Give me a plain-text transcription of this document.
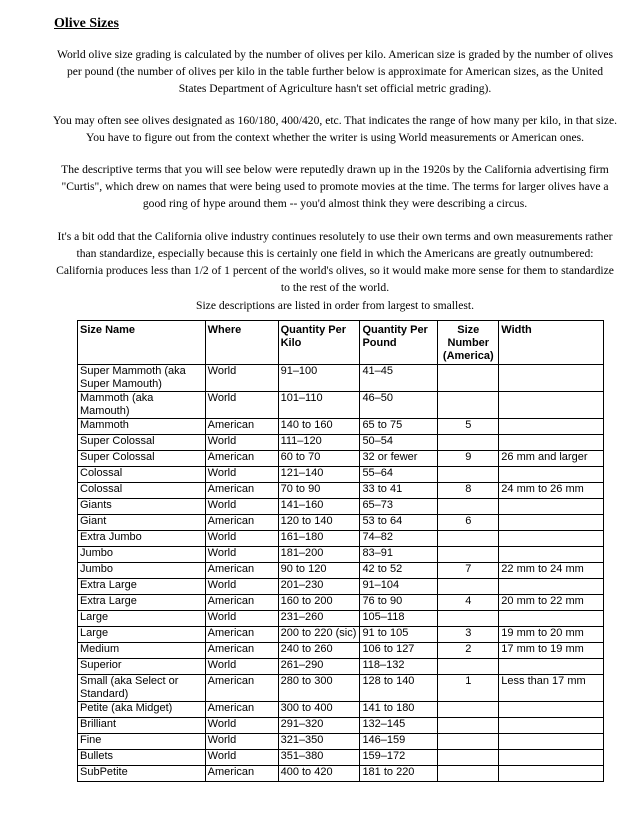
Olive Sizes

World olive size grading is calculated by the number of olives per kilo. American size is graded by the number of olives per pound (the number of olives per kilo in the table further below is approximate for American sizes, as the United States Department of Agriculture hasn't set official metric grading).

You may often see olives designated as 160/180, 400/420, etc. That indicates the range of how many per kilo, in that size. You have to figure out from the context whether the writer is using World measurements or American ones.

The descriptive terms that you will see below were reputedly drawn up in the 1920s by the California advertising firm "Curtis", which drew on names that were being used to promote movies at the time. The terms for larger olives have a good ring of hype around them -- you'd almost think they were describing a circus.

It's a bit odd that the California olive industry continues resolutely to use their own terms and own measurements rather than standardize, especially because this is certainly one field in which the Americans are greatly outnumbered: California produces less than 1/2 of 1 percent of the world's olives, so it would make more sense for them to standardize to the rest of the world.

Size descriptions are listed in order from largest to smallest.

Size Name	Where	Quantity Per Kilo	Quantity Per Pound	Size Number (America)	Width
Super Mammoth (aka Super Mamouth)	World	91–100	41–45		
Mammoth (aka Mamouth)	World	101–110	46–50		
Mammoth	American	140 to 160	65 to 75	5	
Super Colossal	World	111–120	50–54		
Super Colossal	American	60 to 70	32 or fewer	9	26 mm and larger
Colossal	World	121–140	55–64		
Colossal	American	70 to 90	33 to 41	8	24 mm to 26 mm
Giants	World	141–160	65–73		
Giant	American	120 to 140	53 to 64	6	
Extra Jumbo	World	161–180	74–82		
Jumbo	World	181–200	83–91		
Jumbo	American	90 to 120	42 to 52	7	22 mm to 24 mm
Extra Large	World	201–230	91–104		
Extra Large	American	160 to 200	76 to 90	4	20 mm to 22 mm
Large	World	231–260	105–118		
Large	American	200 to 220 (sic)	91 to 105	3	19 mm to 20 mm
Medium	American	240 to 260	106 to 127	2	17 mm to 19 mm
Superior	World	261–290	118–132		
Small (aka Select or Standard)	American	280 to 300	128 to 140	1	Less than 17 mm
Petite (aka Midget)	American	300 to 400	141 to 180		
Brilliant	World	291–320	132–145		
Fine	World	321–350	146–159		
Bullets	World	351–380	159–172		
SubPetite	American	400 to 420	181 to 220		
